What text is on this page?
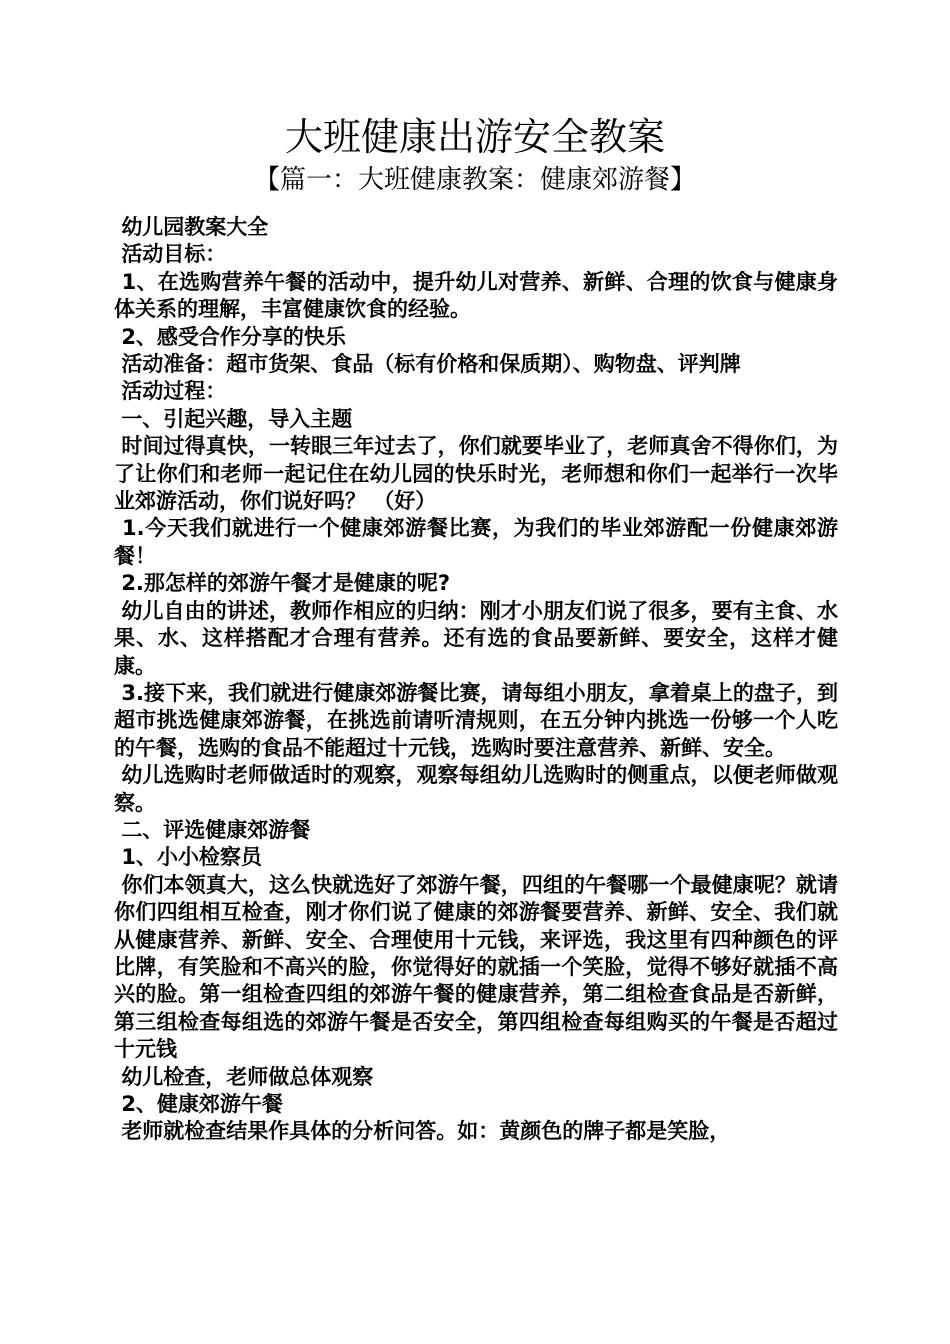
大班健康出游安全教案
【篇一：大班健康教案：健康郊游餐】

幼儿园教案大全

活动目标：

1、在选购营养午餐的活动中，提升幼儿对营养、新鲜、合理的饮食与健康身体关系的理解，丰富健康饮食的经验。

2、感受合作分享的快乐

活动准备：超市货架、食品（标有价格和保质期）、购物盘、评判牌

活动过程：

一、引起兴趣，导入主题

时间过得真快，一转眼三年过去了，你们就要毕业了，老师真舍不得你们，为了让你们和老师一起记住在幼儿园的快乐时光，老师想和你们一起举行一次毕业郊游活动，你们说好吗？ （好）

1.今天我们就进行一个健康郊游餐比赛，为我们的毕业郊游配一份健康郊游餐！

2.那怎样的郊游午餐才是健康的呢?

幼儿自由的讲述，教师作相应的归纳：刚才小朋友们说了很多，要有主食、水果、水、这样搭配才合理有营养。还有选的食品要新鲜、要安全，这样才健康。

3.接下来，我们就进行健康郊游餐比赛，请每组小朋友，拿着桌上的盘子，到超市挑选健康郊游餐，在挑选前请听清规则，在五分钟内挑选一份够一个人吃的午餐，选购的食品不能超过十元钱，选购时要注意营养、新鲜、安全。

幼儿选购时老师做适时的观察，观察每组幼儿选购时的侧重点，以便老师做观察。

二、评选健康郊游餐

1、小小检察员

你们本领真大，这么快就选好了郊游午餐，四组的午餐哪一个最健康呢？就请你们四组相互检查，刚才你们说了健康的郊游餐要营养、新鲜、安全、我们就从健康营养、新鲜、安全、合理使用十元钱，来评选，我这里有四种颜色的评比牌，有笑脸和不高兴的脸，你觉得好的就插一个笑脸，觉得不够好就插不高兴的脸。第一组检查四组的郊游午餐的健康营养，第二组检查食品是否新鲜，第三组检查每组选的郊游午餐是否安全，第四组检查每组购买的午餐是否超过十元钱

幼儿检查，老师做总体观察

2、健康郊游午餐

老师就检查结果作具体的分析问答。如：黄颜色的牌子都是笑脸，
